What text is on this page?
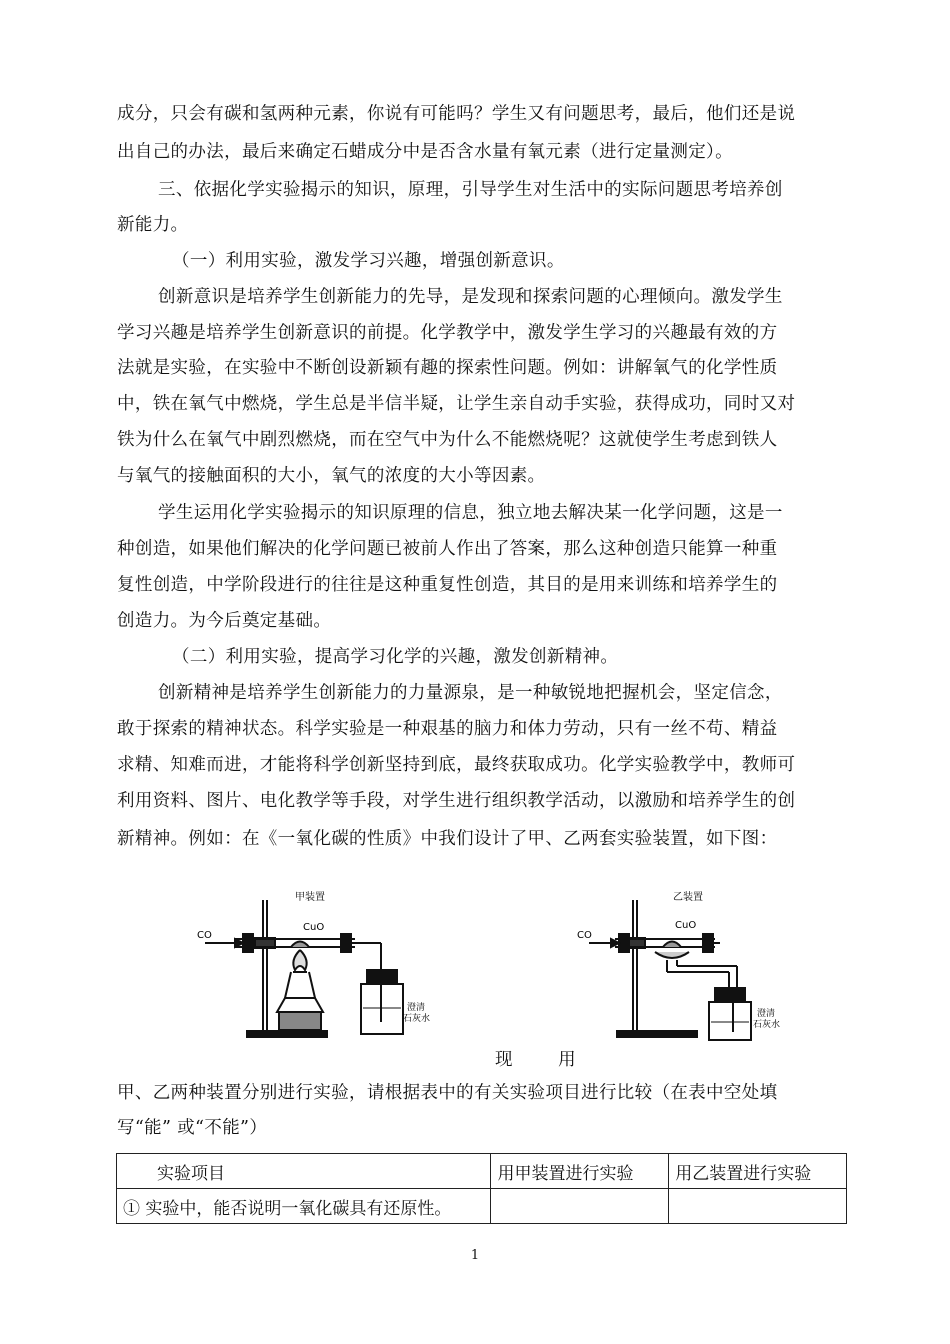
成分，只会有碳和氢两种元素，你说有可能吗？学生又有问题思考，最后，他们还是说
出自己的办法，最后来确定石蜡成分中是否含水量有氧元素（进行定量测定）。
三、依据化学实验揭示的知识，原理，引导学生对生活中的实际问题思考培养创
新能力。
（一）利用实验，激发学习兴趣，增强创新意识。
创新意识是培养学生创新能力的先导，是发现和探索问题的心理倾向。激发学生
学习兴趣是培养学生创新意识的前提。化学教学中，激发学生学习的兴趣最有效的方
法就是实验，在实验中不断创设新颖有趣的探索性问题。例如：讲解氧气的化学性质
中，铁在氧气中燃烧，学生总是半信半疑，让学生亲自动手实验，获得成功，同时又对
铁为什么在氧气中剧烈燃烧，而在空气中为什么不能燃烧呢？这就使学生考虑到铁人
与氧气的接触面积的大小，氧气的浓度的大小等因素。
学生运用化学实验揭示的知识原理的信息，独立地去解决某一化学问题，这是一
种创造，如果他们解决的化学问题已被前人作出了答案，那么这种创造只能算一种重
复性创造，中学阶段进行的往往是这种重复性创造，其目的是用来训练和培养学生的
创造力。为今后奠定基础。
（二）利用实验，提高学习化学的兴趣，激发创新精神。
创新精神是培养学生创新能力的力量源泉，是一种敏锐地把握机会，坚定信念，
敢于探索的精神状态。科学实验是一种艰基的脑力和体力劳动，只有一丝不苟、精益
求精、知难而进，才能将科学创新坚持到底，最终获取成功。化学实验教学中，教师可
利用资料、图片、电化教学等手段，对学生进行组织教学活动，以激励和培养学生的创
新精神。例如：在《一氧化碳的性质》中我们设计了甲、乙两套实验装置，如下图：
甲装置
CO
CuO
澄清
石灰水
乙装置
CO
CuO
澄清
石灰水
现 用
甲、乙两种装置分别进行实验，请根据表中的有关实验项目进行比较（在表中空处填
写“能” 或“不能”）
实验项目	用甲装置进行实验	用乙装置进行实验
① 实验中，能否说明一氧化碳具有还原性。		
1
